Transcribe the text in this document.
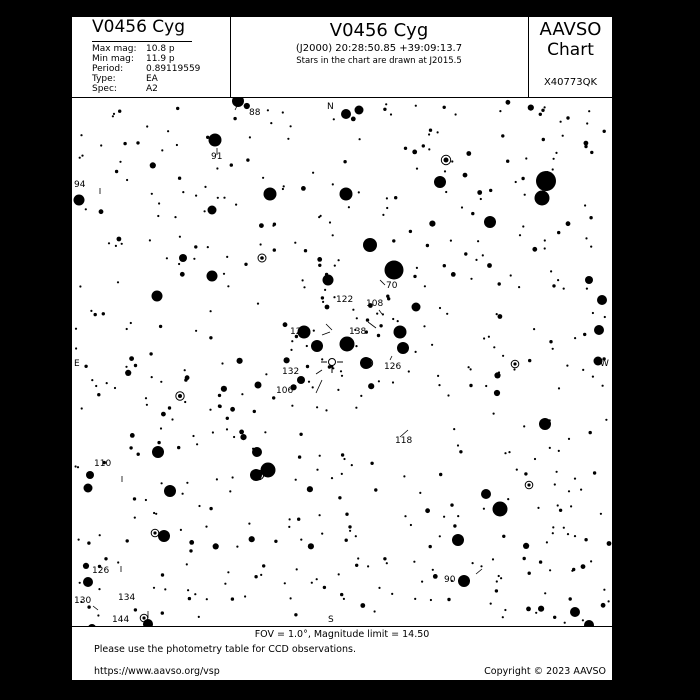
V0456 Cyg
Max mag: 10.8 p
Min mag: 11.9 p
Period:	0.89119559
Type:	EA
Spec:	A2
V0456 Cyg
(J2000) 20:28:50.85 +39:09:13.7
Stars in the chart are drawn at J2015.5
AAVSO
Chart
X40773QK
88
91
94
70
122 108
120	138
132
106
126
118
110
90
126
134
130
144
N
S
E	W
FOV = 1.0°, Magnitude limit = 14.50
Please use the photometry table for CCD observations.
https://www.aavso.org/vsp	Copyright © 2023 AAVSO
